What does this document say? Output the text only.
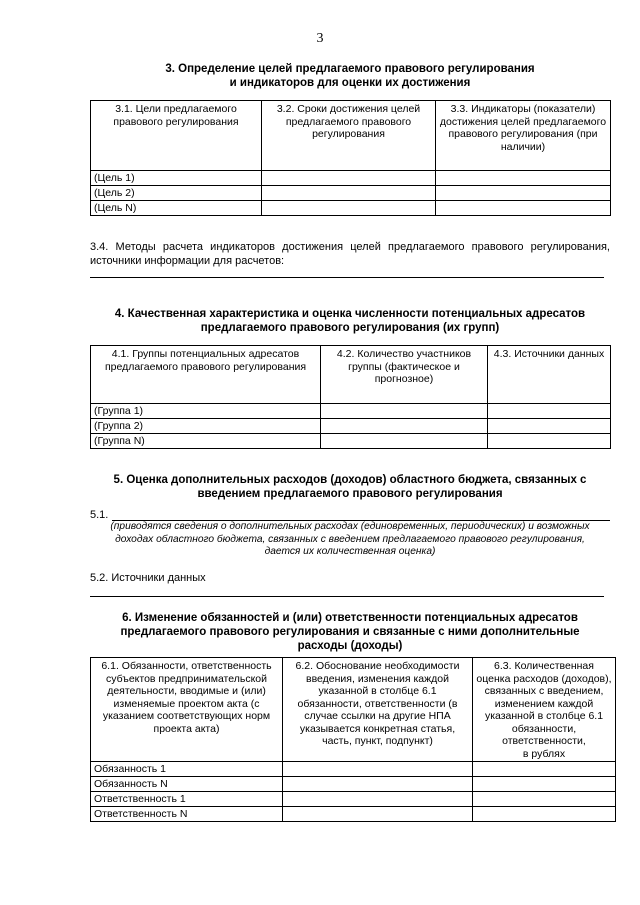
3
3. Определение целей предлагаемого правового регулирования
и индикаторов для оценки их достижения
3.1. Цели предлагаемого правового регулирования	3.2. Сроки достижения целей предлагаемого правового регулирования	3.3. Индикаторы (показатели) достижения целей предлагаемого правового регулирования (при наличии)
(Цель 1)		
(Цель 2)		
(Цель N)		
3.4. Методы расчета индикаторов достижения целей предлагаемого правового регулирования, источники информации для расчетов:
4. Качественная характеристика и оценка численности потенциальных адресатов
предлагаемого правового регулирования (их групп)
4.1. Группы потенциальных адресатов предлагаемого правового регулирования	4.2. Количество участников группы (фактическое и прогнозное)	4.3. Источники данных
(Группа 1)		
(Группа 2)		
(Группа N)		
5. Оценка дополнительных расходов (доходов) областного бюджета, связанных с
введением предлагаемого правового регулирования
5.1.
(приводятся сведения о дополнительных расходах (единовременных, периодических) и возможных
доходах областного бюджета, связанных с введением предлагаемого правового регулирования,
дается их количественная оценка)
5.2. Источники данных
6. Изменение обязанностей и (или) ответственности потенциальных адресатов
предлагаемого правового регулирования и связанные с ними дополнительные
расходы (доходы)
6.1. Обязанности, ответственность субъектов предпринимательской деятельности, вводимые и (или) изменяемые проектом акта (с указанием соответствующих норм проекта акта)	6.2. Обоснование необходимости введения, изменения каждой указанной в столбце 6.1 обязанности, ответственности (в случае ссылки на другие НПА указывается конкретная статья, часть, пункт, подпункт)	6.3. Количественная оценка расходов (доходов), связанных с введением, изменением каждой указанной в столбце 6.1 обязанности, ответственности,
в рублях

Обязанность 1		
Обязанность N		
Ответственность 1		
Ответственность N		
